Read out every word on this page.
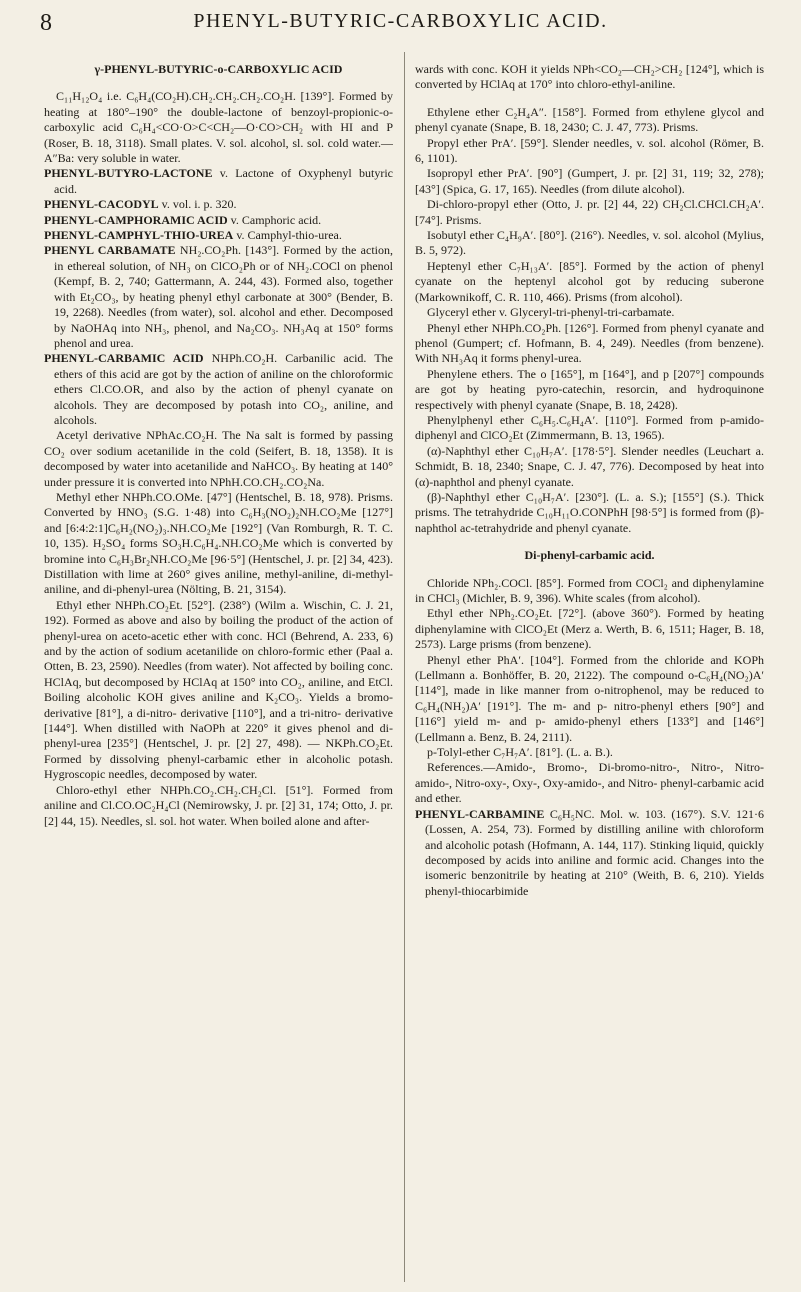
8	PHENYL-BUTYRIC-CARBOXYLIC ACID.

γ-PHENYL-BUTYRIC-o-CARBOXYLIC ACID

C₁₁H₁₂O₄ i.e. C₆H₄(CO₂H).CH₂.CH₂.CH₂.CO₂H. [139°]. Formed by heating at 180°–190° the double-lactone of benzoyl-propionic-o-carboxylic acid C₆H₄<CO·O>C<CH₂—O·CO>CH₂ with HI and P (Roser, B. 18, 3118). Small plates. V. sol. alcohol, sl. sol. cold water.—A″Ba: very soluble in water.

PHENYL-BUTYRO-LACTONE v. Lactone of Oxyphenyl butyric acid.

PHENYL-CACODYL v. vol. i. p. 320.

PHENYL-CAMPHORAMIC ACID v. Camphoric acid.

PHENYL-CAMPHYL-THIO-UREA v. Camphyl-thio-urea.

PHENYL CARBAMATE NH₂.CO₂Ph. [143°]. Formed by the action, in ethereal solution, of NH₃ on ClCO₂Ph or of NH₂.COCl on phenol (Kempf, B. 2, 740; Gattermann, A. 244, 43). Formed also, together with Et₂CO₃, by heating phenyl ethyl carbonate at 300° (Bender, B. 19, 2268). Needles (from water), sol. alcohol and ether. Decomposed by NaOHAq into NH₃, phenol, and Na₂CO₃. NH₃Aq at 150° forms phenol and urea.

PHENYL-CARBAMIC ACID NHPh.CO₂H. Carbanilic acid. The ethers of this acid are got by the action of aniline on the chloroformic ethers Cl.CO.OR, and also by the action of phenyl cyanate on alcohols. They are decomposed by potash into CO₂, aniline, and alcohols.

Acetyl derivative NPhAc.CO₂H. The Na salt is formed by passing CO₂ over sodium acetanilide in the cold (Seifert, B. 18, 1358). It is decomposed by water into acetanilide and NaHCO₃. By heating at 140° under pressure it is converted into NPhH.CO.CH₂.CO₂Na.

Methyl ether NHPh.CO.OMe. [47°] (Hentschel, B. 18, 978). Prisms. Converted by HNO₃ (S.G. 1·48) into C₆H₃(NO₂)₂NH.CO₂Me [127°] and [6:4:2:1]C₆H₂(NO₂)₃.NH.CO₂Me [192°] (Van Romburgh, R. T. C. 10, 135). H₂SO₄ forms SO₃H.C₆H₄.NH.CO₂Me which is converted by bromine into C₆H₃Br₂NH.CO₂Me [96·5°] (Hentschel, J. pr. [2] 34, 423). Distillation with lime at 260° gives aniline, methyl-aniline, di-methyl-aniline, and di-phenyl-urea (Nölting, B. 21, 3154).

Ethyl ether NHPh.CO₂Et. [52°]. (238°) (Wilm a. Wischin, C. J. 21, 192). Formed as above and also by boiling the product of the action of phenyl-urea on aceto-acetic ether with conc. HCl (Behrend, A. 233, 6) and by the action of sodium acetanilide on chloro-formic ether (Paal a. Otten, B. 23, 2590). Needles (from water). Not affected by boiling conc. HClAq, but decomposed by HClAq at 150° into CO₂, aniline, and EtCl. Boiling alcoholic KOH gives aniline and K₂CO₃. Yields a bromo-derivative [81°], a di-nitro- derivative [110°], and a tri-nitro- derivative [144°]. When distilled with NaOPh at 220° it gives phenol and di-phenyl-urea [235°] (Hentschel, J. pr. [2] 27, 498). — NKPh.CO₂Et. Formed by dissolving phenyl-carbamic ether in alcoholic potash. Hygroscopic needles, decomposed by water.

Chloro-ethyl ether NHPh.CO₂.CH₂.CH₂Cl. [51°]. Formed from aniline and Cl.CO.OC₂H₄Cl (Nemirowsky, J. pr. [2] 31, 174; Otto, J. pr. [2] 44, 15). Needles, sl. sol. hot water. When boiled alone and after-

wards with conc. KOH it yields NPh<CO₂—CH₂>CH₂ [124°], which is converted by HClAq at 170° into chloro-ethyl-aniline.

Ethylene ether C₂H₄A″. [158°]. Formed from ethylene glycol and phenyl cyanate (Snape, B. 18, 2430; C. J. 47, 773). Prisms.

Propyl ether PrA′. [59°]. Slender needles, v. sol. alcohol (Römer, B. 6, 1101).

Isopropyl ether PrA′. [90°] (Gumpert, J. pr. [2] 31, 119; 32, 278); [43°] (Spica, G. 17, 165). Needles (from dilute alcohol).

Di-chloro-propyl ether (Otto, J. pr. [2] 44, 22) CH₂Cl.CHCl.CH₂A′. [74°]. Prisms.

Isobutyl ether C₄H₉A′. [80°]. (216°). Needles, v. sol. alcohol (Mylius, B. 5, 972).

Heptenyl ether C₇H₁₃A′. [85°]. Formed by the action of phenyl cyanate on the heptenyl alcohol got by reducing suberone (Markownikoff, C. R. 110, 466). Prisms (from alcohol).

Glyceryl ether v. Glyceryl-tri-phenyl-tri-carbamate.

Phenyl ether NHPh.CO₂Ph. [126°]. Formed from phenyl cyanate and phenol (Gumpert; cf. Hofmann, B. 4, 249). Needles (from benzene). With NH₃Aq it forms phenyl-urea.

Phenylene ethers. The o [165°], m [164°], and p [207°] compounds are got by heating pyro-catechin, resorcin, and hydroquinone respectively with phenyl cyanate (Snape, B. 18, 2428).

Phenylphenyl ether C₆H₅.C₆H₄A′. [110°]. Formed from p-amido-diphenyl and ClCO₂Et (Zimmermann, B. 13, 1965).

(α)-Naphthyl ether C₁₀H₇A′. [178·5°]. Slender needles (Leuchart a. Schmidt, B. 18, 2340; Snape, C. J. 47, 776). Decomposed by heat into (α)-naphthol and phenyl cyanate.

(β)-Naphthyl ether C₁₀H₇A′. [230°]. (L. a. S.); [155°] (S.). Thick prisms. The tetrahydride C₁₀H₁₁O.CONPhH [98·5°] is formed from (β)-naphthol ac-tetrahydride and phenyl cyanate.

Di-phenyl-carbamic acid.

Chloride NPh₂.COCl. [85°]. Formed from COCl₂ and diphenylamine in CHCl₃ (Michler, B. 9, 396). White scales (from alcohol).

Ethyl ether NPh₂.CO₂Et. [72°]. (above 360°). Formed by heating diphenylamine with ClCO₂Et (Merz a. Werth, B. 6, 1511; Hager, B. 18, 2573). Large prisms (from benzene).

Phenyl ether PhA′. [104°]. Formed from the chloride and KOPh (Lellmann a. Bonhöffer, B. 20, 2122). The compound o-C₆H₄(NO₂)A′ [114°], made in like manner from o-nitrophenol, may be reduced to C₆H₄(NH₂)A′ [191°]. The m- and p- nitro-phenyl ethers [90°] and [116°] yield m- and p- amido-phenyl ethers [133°] and [146°] (Lellmann a. Benz, B. 24, 2111).

p-Tolyl-ether C₇H₇A′. [81°]. (L. a. B.).

References.—Amido-, Bromo-, Di-bromo-nitro-, Nitro-, Nitro-amido-, Nitro-oxy-, Oxy-, Oxy-amido-, and Nitro- phenyl-carbamic acid and ether.

PHENYL-CARBAMINE C₆H₅NC. Mol. w. 103. (167°). S.V. 121·6 (Lossen, A. 254, 73). Formed by distilling aniline with chloroform and alcoholic potash (Hofmann, A. 144, 117). Stinking liquid, quickly decomposed by acids into aniline and formic acid. Changes into the isomeric benzonitrile by heating at 210° (Weith, B. 6, 210). Yields phenyl-thiocarbimide
